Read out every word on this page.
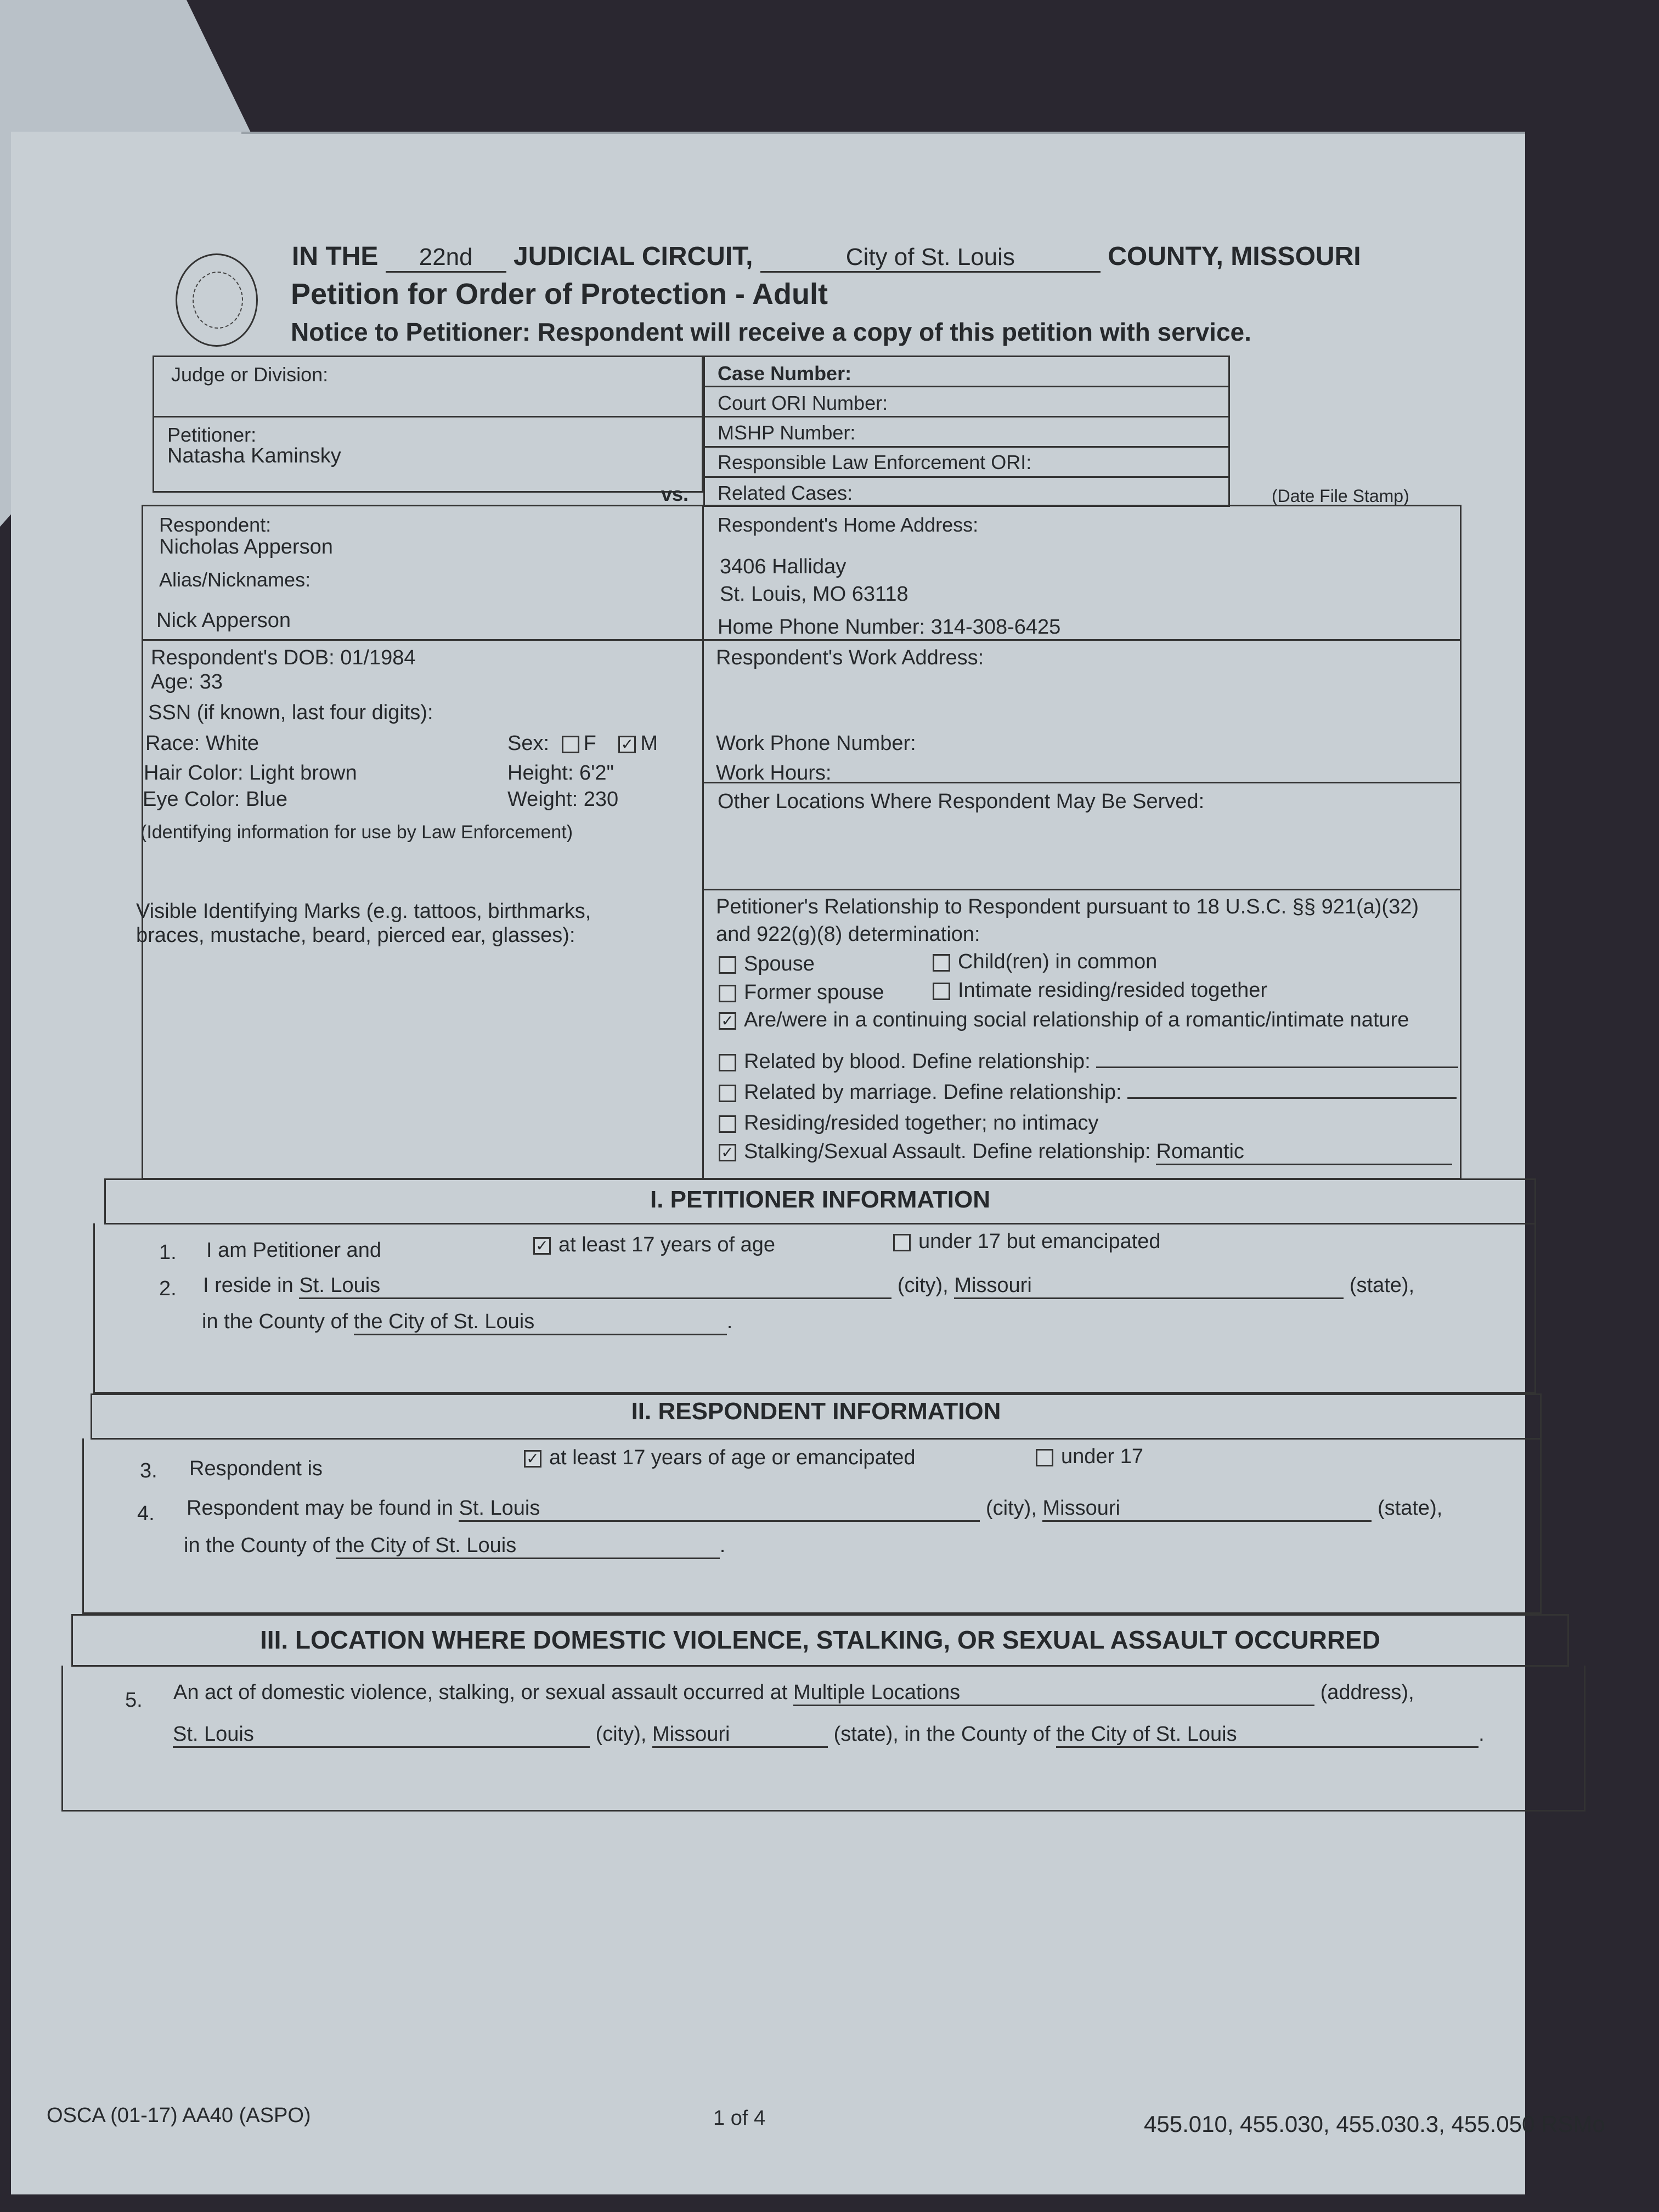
IN THE 22nd JUDICIAL CIRCUIT,	City of St. Louis	COUNTY, MISSOURI
Petition for Order of Protection - Adult
Notice to Petitioner: Respondent will receive a copy of this petition with service.
Judge or Division:
Petitioner:
Natasha Kaminsky
vs.
Case Number:
Court ORI Number:
MSHP Number:
Responsible Law Enforcement ORI:
Related Cases:	(Date File Stamp)
Respondent:
Nicholas Apperson
Alias/Nicknames:
Nick Apperson
Respondent's Home Address:
3406 Halliday
St. Louis, MO 63118
Home Phone Number: 314-308-6425
Respondent's DOB: 01/1984
Age: 33
SSN (if known, last four digits):
Race: White	Sex: F ✓ M
Hair Color: Light brown	Height: 6'2"
Eye Color: Blue	Weight: 230
(Identifying information for use by Law Enforcement)
Respondent's Work Address:
Work Phone Number:
Work Hours:
Other Locations Where Respondent May Be Served:
Visible Identifying Marks (e.g. tattoos, birthmarks,
braces, mustache, beard, pierced ear, glasses):
Petitioner's Relationship to Respondent pursuant to 18 U.S.C. §§ 921(a)(32)
and 922(g)(8) determination:
Spouse	Child(ren) in common
Former spouse	Intimate residing/resided together
✓ Are/were in a continuing social relationship of a romantic/intimate nature
Related by blood. Define relationship:
Related by marriage. Define relationship:
Residing/resided together; no intimacy
✓ Stalking/Sexual Assault. Define relationship: Romantic
I. PETITIONER INFORMATION
1. I am Petitioner and	✓ at least 17 years of age	under 17 but emancipated
2. I reside in St. Louis	(city), Missouri	(state),
in the County of the City of St. Louis	.
II. RESPONDENT INFORMATION
3. Respondent is	✓ at least 17 years of age or emancipated	under 17
4. Respondent may be found in St. Louis	(city), Missouri	(state),
in the County of the City of St. Louis	.
III. LOCATION WHERE DOMESTIC VIOLENCE, STALKING, OR SEXUAL ASSAULT OCCURRED
5. An act of domestic violence, stalking, or sexual assault occurred at Multiple Locations	(address),
St. Louis	(city), Missouri	(state), in the County of the City of St. Louis	.
OSCA (01-17) AA40 (ASPO)	1 of 4	455.010, 455.030, 455.030.3, 455.050 RSMo
